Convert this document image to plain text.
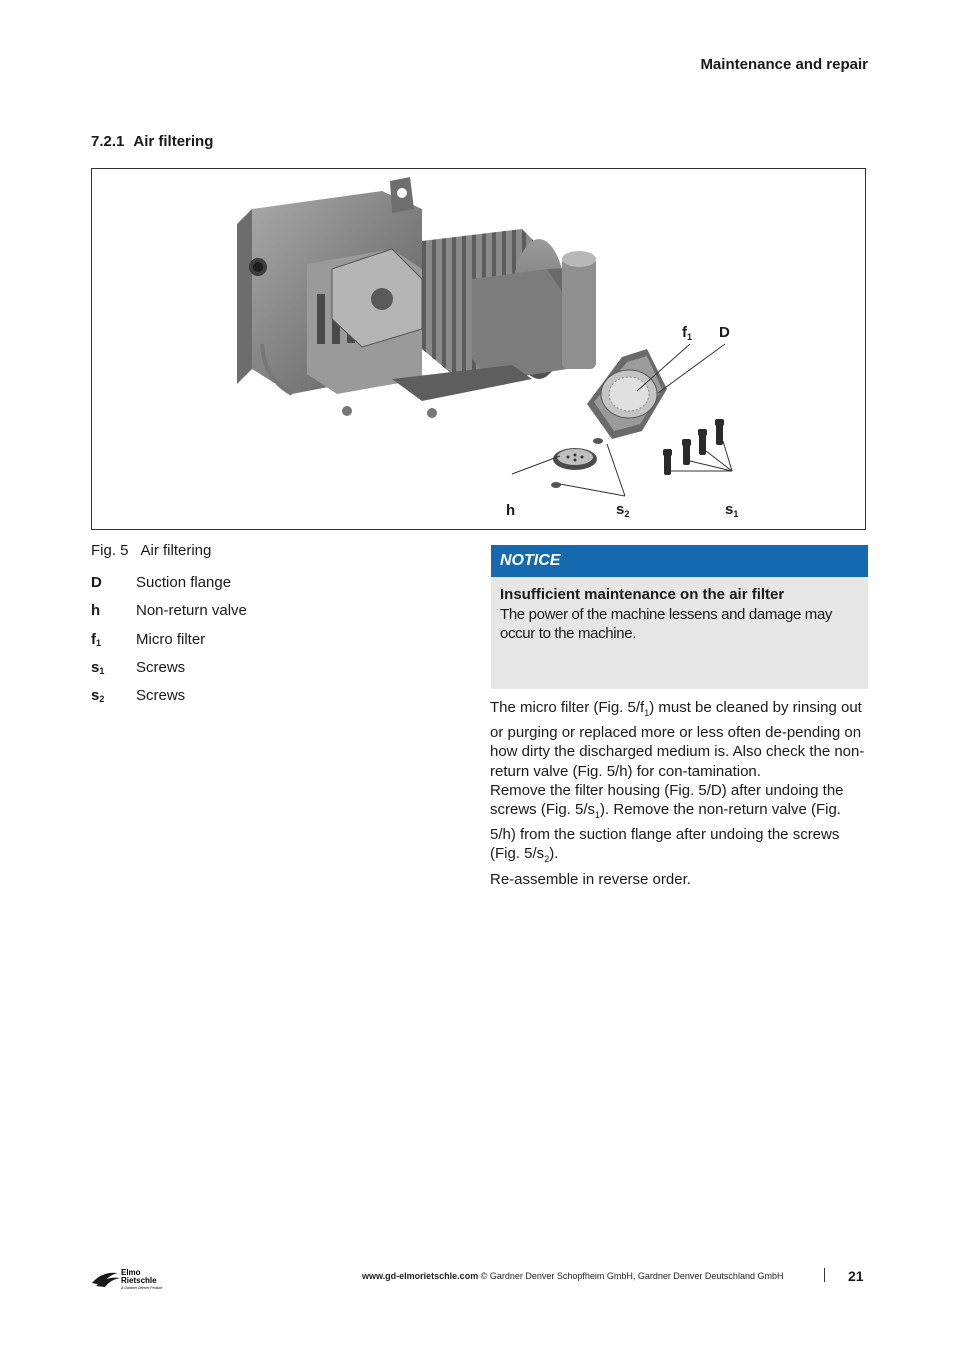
Maintenance and repair
7.2.1 Air filtering
$f_1$ D
h	$s_2$	$s_1$
Fig. 5 Air filtering
D	Suction flange
h	Non-return valve
$f_1$	Micro filter
$s_1$	Screws
$s_2$	Screws
NOTICE
Insufficient maintenance on the air filter
The power of the machine lessens and damage may occur to the machine.

The micro filter (Fig. $5/f_1$) must be cleaned by rinsing out or purging or replaced more or less often de-pending on how dirty the discharged medium is. Also check the non-return valve (Fig. 5/h) for con-tamination.

Remove the filter housing (Fig. 5/D) after undoing the screws (Fig. $5/s_1$). Remove the non-return valve (Fig. 5/h) from the suction flange after undoing the screws (Fig. $5/s_2$).

Re-assemble in reverse order.

Elmo
Rietschle
A Gardner Denver Product
www.gd-elmorietschle.com © Gardner Denver Schopfheim GmbH, Gardner Denver Deutschland GmbH	21
